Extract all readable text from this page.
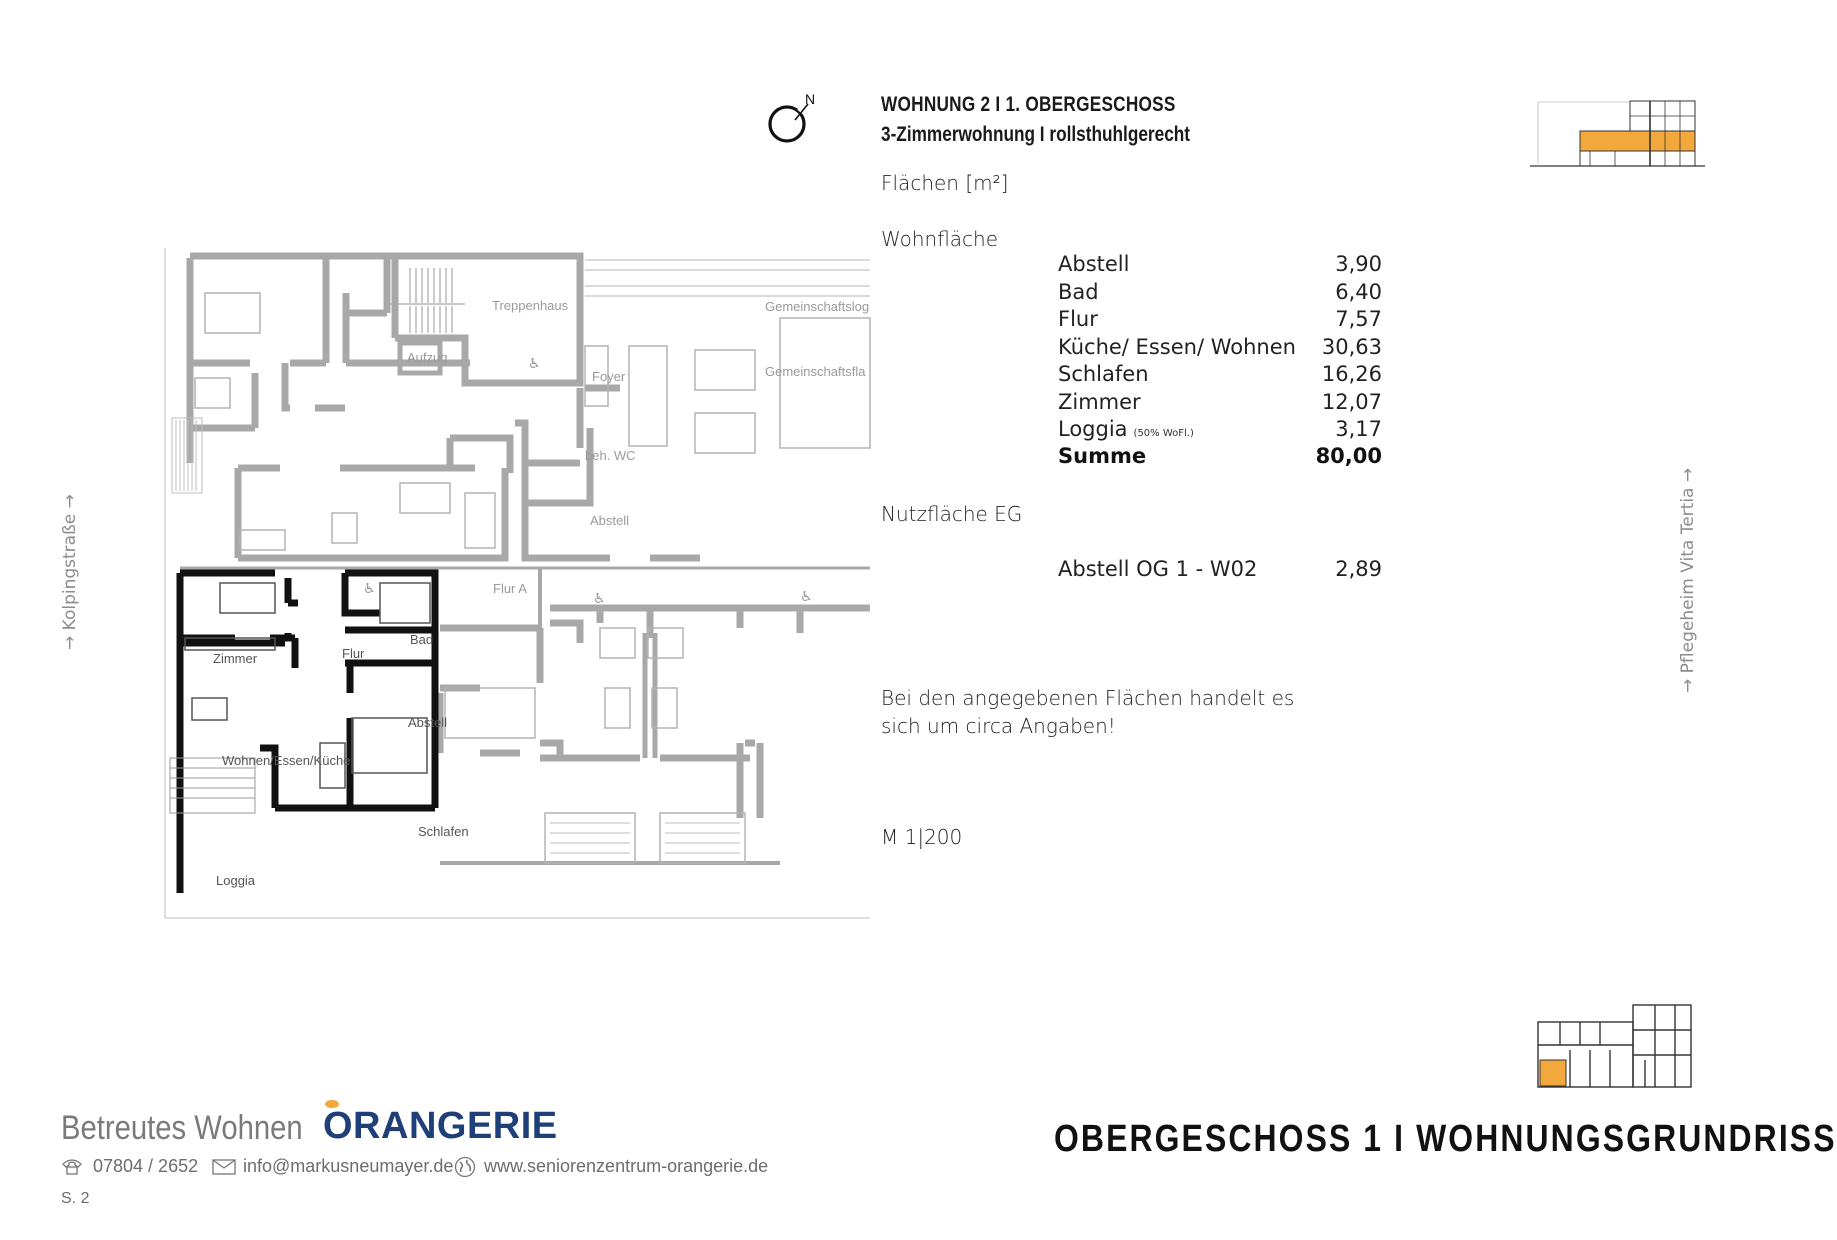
N	WOHNUNG 2 I 1. OBERGESCHOSS
3-Zimmerwohnung I rollsthuhlgerecht
Flächen [m²]
Wohnfläche
Abstell	3,90
Bad	6,40
Flur	7,57
Küche/ Essen/ Wohnen 30,63
Schlafen	16,26
Zimmer	12,07
Loggia (50% WoFl.)	3,17
Summe	80,00
Nutzfläche EG
Abstell OG 1 - W02	2,89
Bei den angegebenen Flächen handelt es
sich um circa Angaben!
M 1|200
→ Kolpingstraße →
→ Pflegeheim Vita Tertia →
♿
♿
♿	♿
Treppenhaus	Gemeinschaftslog
Gemeinschaftsfla
Aufzug
Foyer
beh. WC
Abstell
Flur A
Zimmer	Flur
Bad
Abstell
Wohnen/Essen/Küche
Schlafen
Loggia
Betreutes Wohnen ORANGERIE
07804 / 2652 info@markusneumayer.de www.seniorenzentrum-orangerie.de
S. 2
OBERGESCHOSS 1 I WOHNUNGSGRUNDRISS
